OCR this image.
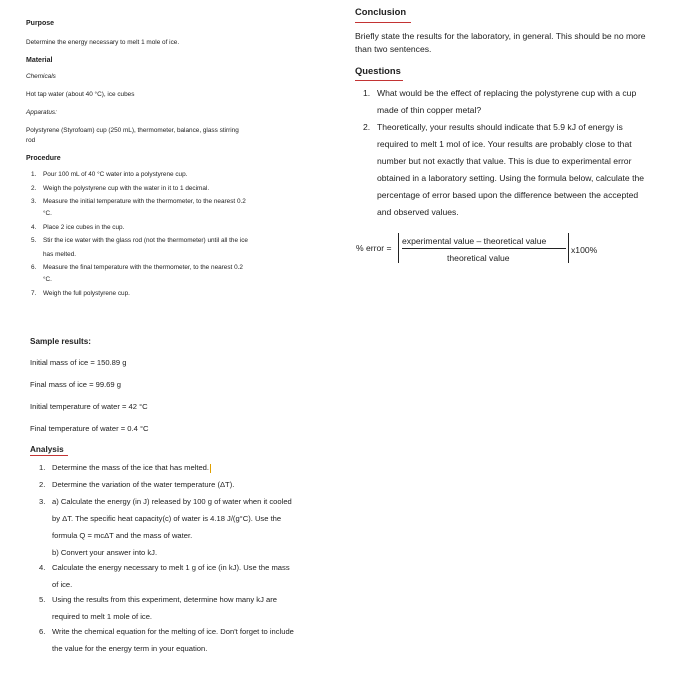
Purpose
Determine the energy necessary to melt 1 mole of ice.
Material
Chemicals
Hot tap water (about 40 °C), ice cubes
Apparatus:
Polystyrene (Styrofoam) cup (250 mL), thermometer, balance, glass stirring
rod
Procedure
1. Pour 100 mL of 40 °C water into a polystyrene cup.
2. Weigh the polystyrene cup with the water in it to 1 decimal.
3. Measure the initial temperature with the thermometer, to the nearest 0.2
°C.
4. Place 2 ice cubes in the cup.
5. Stir the ice water with the glass rod (not the thermometer) until all the ice
has melted.
6. Measure the final temperature with the thermometer, to the nearest 0.2
°C.
7. Weigh the full polystyrene cup.
Conclusion
Briefly state the results for the laboratory, in general. This should be no more
than two sentences.
Questions
1. What would be the effect of replacing the polystyrene cup with a cup
made of thin copper metal?
2. Theoretically, your results should indicate that 5.9 kJ of energy is
required to melt 1 mol of ice. Your results are probably close to that
number but not exactly that value. This is due to experimental error
obtained in a laboratory setting. Using the formula below, calculate the
percentage of error based upon the difference between the accepted
and observed values.
% error =
experimental value – theoretical value
theoretical value
x100%
Sample results:
Initial mass of ice = 150.89 g
Final mass of ice = 99.69 g
Initial temperature of water = 42 °C
Final temperature of water = 0.4 °C
Analysis
1. Determine the mass of the ice that has melted.
2. Determine the variation of the water temperature (ΔT).
3. a) Calculate the energy (in J) released by 100 g of water when it cooled
by ΔT. The specific heat capacity(c) of water is 4.18 J/(g°C). Use the
formula Q = mcΔT and the mass of water.
b) Convert your answer into kJ.
4. Calculate the energy necessary to melt 1 g of ice (in kJ). Use the mass
of ice.
5. Using the results from this experiment, determine how many kJ are
required to melt 1 mole of ice.
6. Write the chemical equation for the melting of ice. Don't forget to include
the value for the energy term in your equation.
